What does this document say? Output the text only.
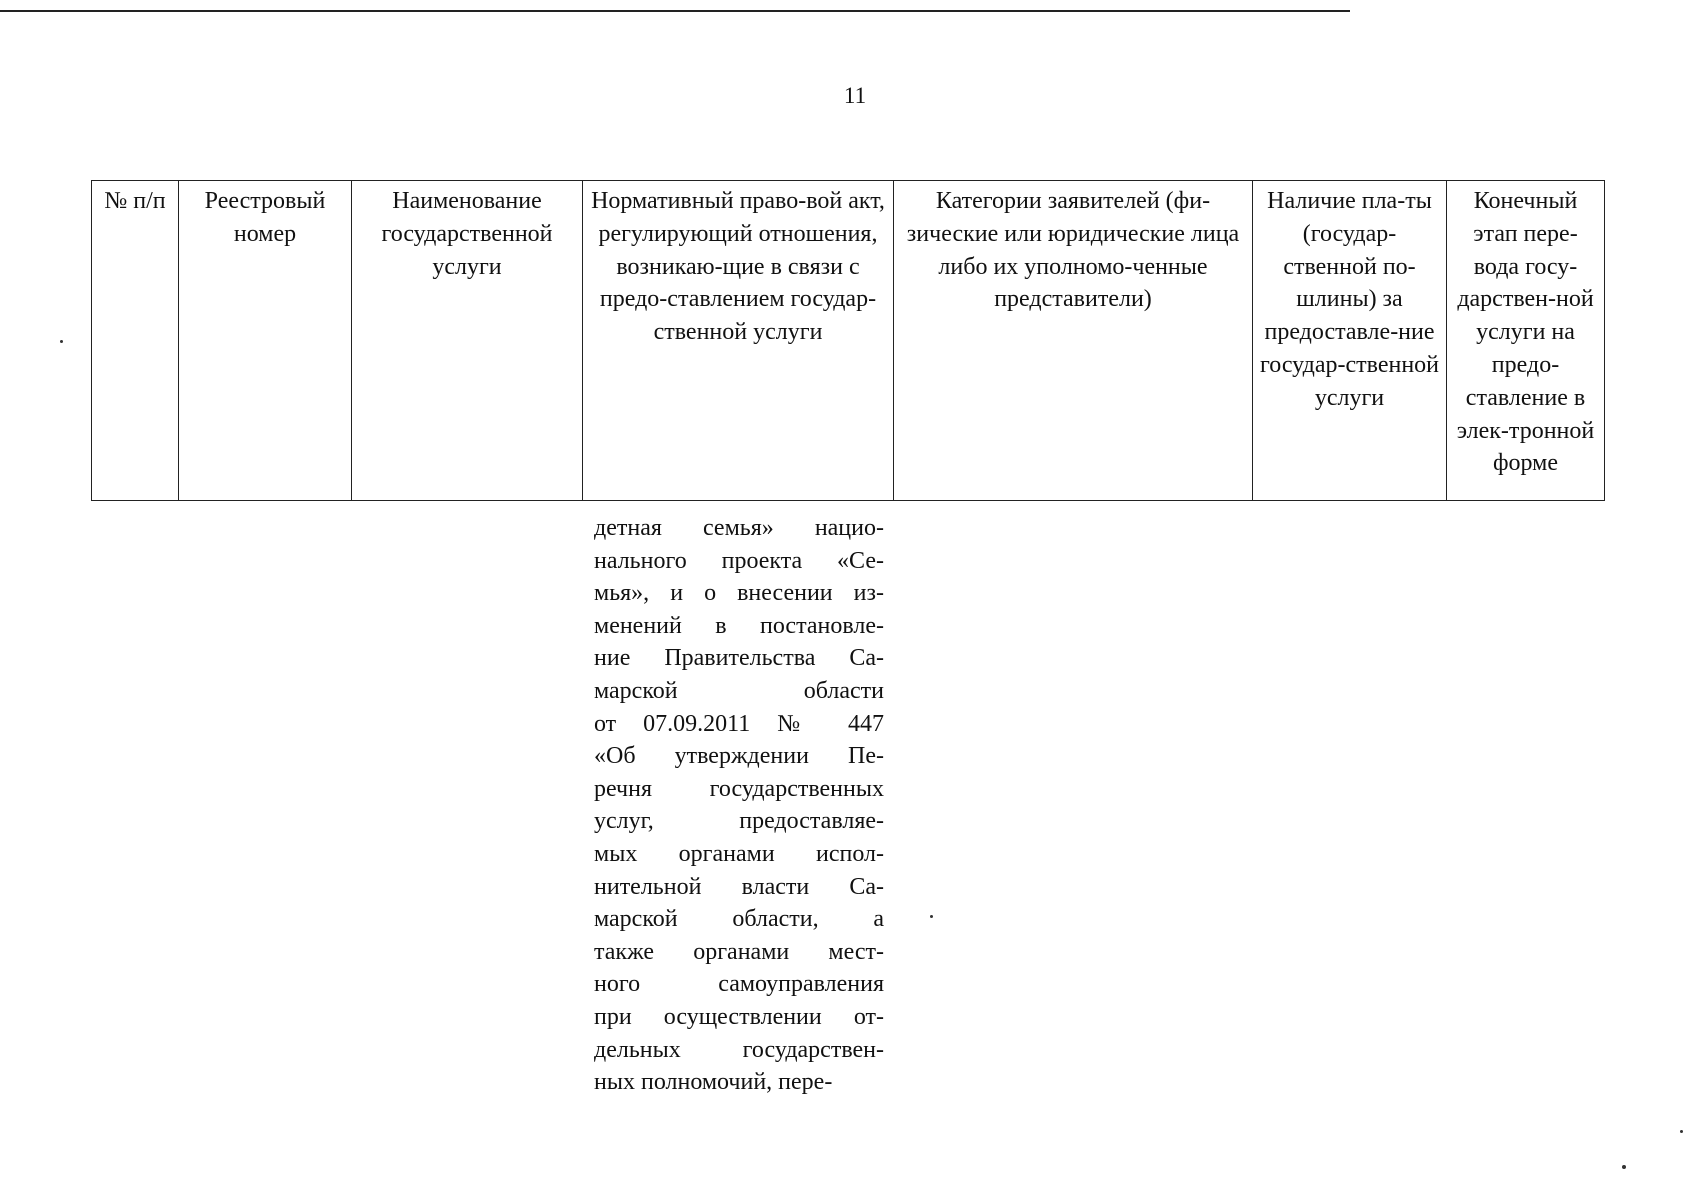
11
№ п/п	Реестровый номер	Наименование государственной услуги	Нормативный право-вой акт, регулирующий отношения, возникаю-щие в связи с предо-ставлением государ-ственной услуги	Категории заявителей (фи-зические или юридические лица либо их уполномо-ченные представители)	Наличие пла-ты (государ-ственной по-шлины) за предоставле-ние государ-ственной услуги	Конечный этап пере-вода госу-дарствен-ной услуги на предо-ставление в элек-тронной форме
детная семья» нацио-
нального проекта «Се-
мья», и о внесении из-
менений в постановле-
ние Правительства Са-
марской области
от 07.09.2011 № 447
«Об утверждении Пе-
речня государственных
услуг, предоставляе-
мых органами испол-
нительной власти Са-
марской области, а
также органами мест-
ного самоуправления
при осуществлении от-
дельных государствен-
ных полномочий, пере-
